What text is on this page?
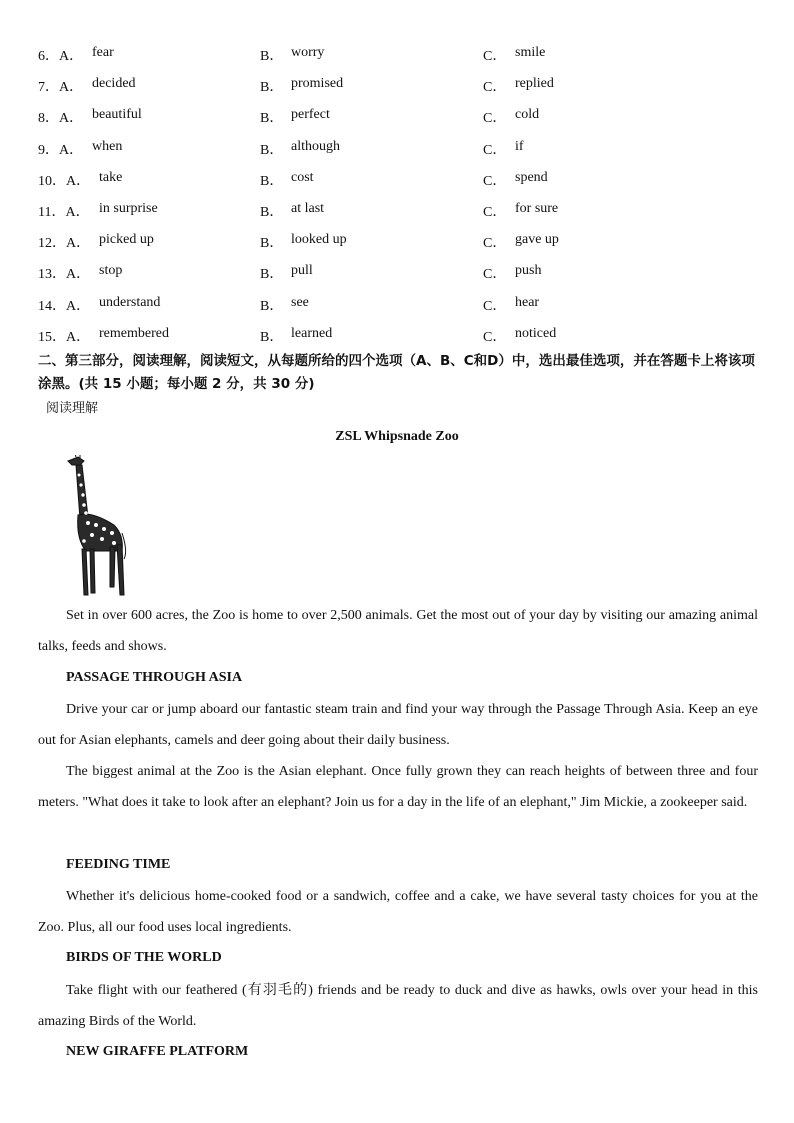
6．A． fear	B． worry	C． smile
7．A． decided	B． promised	C． replied
8．A． beautiful	B． perfect	C． cold
9．A． when	B． although	C． if
10．A． take	B． cost	C． spend
11．A． in surprise	B． at last	C． for sure
12．A． picked up	B． looked up	C． gave up
13．A． stop	B． pull	C． push
14．A． understand	B． see	C． hear
15．A． remembered	B． learned	C． noticed

二、第三部分，阅读理解，阅读短文，从每题所给的四个选项（A、B、C和D）中，选出最佳选项，并在答题卡上将该项涂黑。(共 15 小题；每小题 2 分，共 30 分)

阅读理解

ZSL Whipsnade Zoo

Set in over 600 acres, the Zoo is home to over 2,500 animals. Get the most out of your day by visiting our amazing animal talks, feeds and shows.

PASSAGE THROUGH ASIA

Drive your car or jump aboard our fantastic steam train and find your way through the Passage Through Asia. Keep an eye out for Asian elephants, camels and deer going about their daily business.

The biggest animal at the Zoo is the Asian elephant. Once fully grown they can reach heights of between three and four meters. "What does it take to look after an elephant? Join us for a day in the life of an elephant," Jim Mickie, a zookeeper said.

FEEDING TIME

Whether it's delicious home-cooked food or a sandwich, coffee and a cake, we have several tasty choices for you at the Zoo. Plus, all our food uses local ingredients.

BIRDS OF THE WORLD

Take flight with our feathered (有羽毛的) friends and be ready to duck and dive as hawks, owls over your head in this amazing Birds of the World.

NEW GIRAFFE PLATFORM
